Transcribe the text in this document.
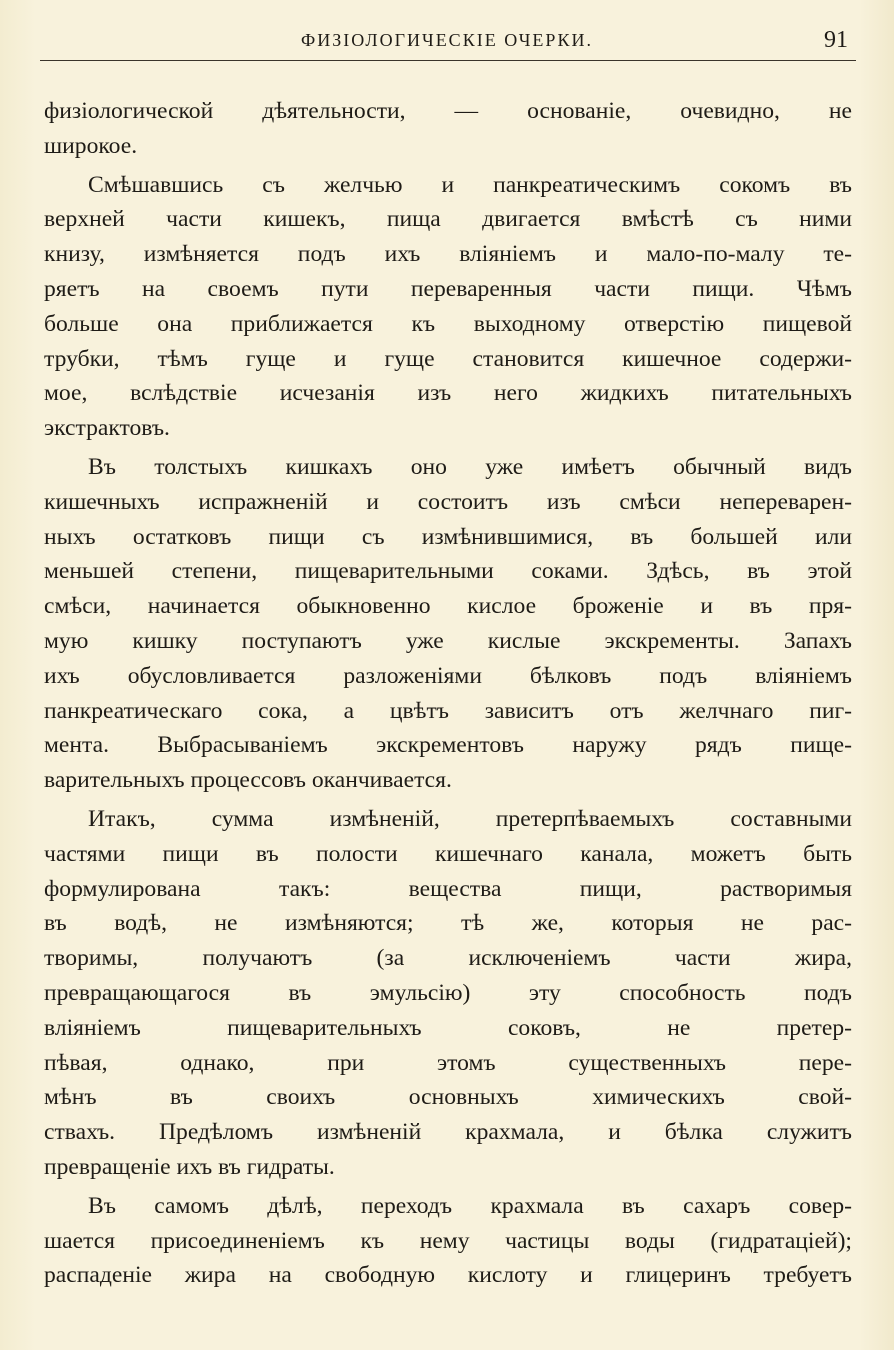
ФИЗІОЛОГИЧЕСКІЕ ОЧЕРКИ.	91
физіологической дѣятельности, — основаніе, очевидно, не
широкое.
Смѣшавшись съ желчью и панкреатическимъ сокомъ въ
верхней части кишекъ, пища двигается вмѣстѣ съ ними
книзу, измѣняется подъ ихъ вліяніемъ и мало-по-малу те-
ряетъ на своемъ пути переваренныя части пищи. Чѣмъ
больше она приближается къ выходному отверстію пищевой
трубки, тѣмъ гуще и гуще становится кишечное содержи-
мое, вслѣдствіе исчезанія изъ него жидкихъ питательныхъ
экстрактовъ.
Въ толстыхъ кишкахъ оно уже имѣетъ обычный видъ
кишечныхъ испражненій и состоитъ изъ смѣси непереварен-
ныхъ остатковъ пищи съ измѣнившимися, въ большей или
меньшей степени, пищеварительными соками. Здѣсь, въ этой
смѣси, начинается обыкновенно кислое броженіе и въ пря-
мую кишку поступаютъ уже кислые экскременты. Запахъ
ихъ обусловливается разложеніями бѣлковъ подъ вліяніемъ
панкреатическаго сока, а цвѣтъ зависитъ отъ желчнаго пиг-
мента. Выбрасываніемъ экскрементовъ наружу рядъ пище-
варительныхъ процессовъ оканчивается.
Итакъ, сумма измѣненій, претерпѣваемыхъ составными
частями пищи въ полости кишечнаго канала, можетъ быть
формулирована такъ: вещества пищи, растворимыя
въ водѣ, не измѣняются; тѣ же, которыя не рас-
творимы, получаютъ (за исключеніемъ части жира,
превращающагося въ эмульсію) эту способность подъ
вліяніемъ пищеварительныхъ соковъ, не претер-
пѣвая, однако, при этомъ существенныхъ пере-
мѣнъ въ своихъ основныхъ химическихъ свой-
ствахъ. Предѣломъ измѣненій крахмала, и бѣлка служитъ
превращеніе ихъ въ гидраты.
Въ самомъ дѣлѣ, переходъ крахмала въ сахаръ совер-
шается присоединеніемъ къ нему частицы воды (гидратаціей);
распаденіе жира на свободную кислоту и глицеринъ требуетъ
